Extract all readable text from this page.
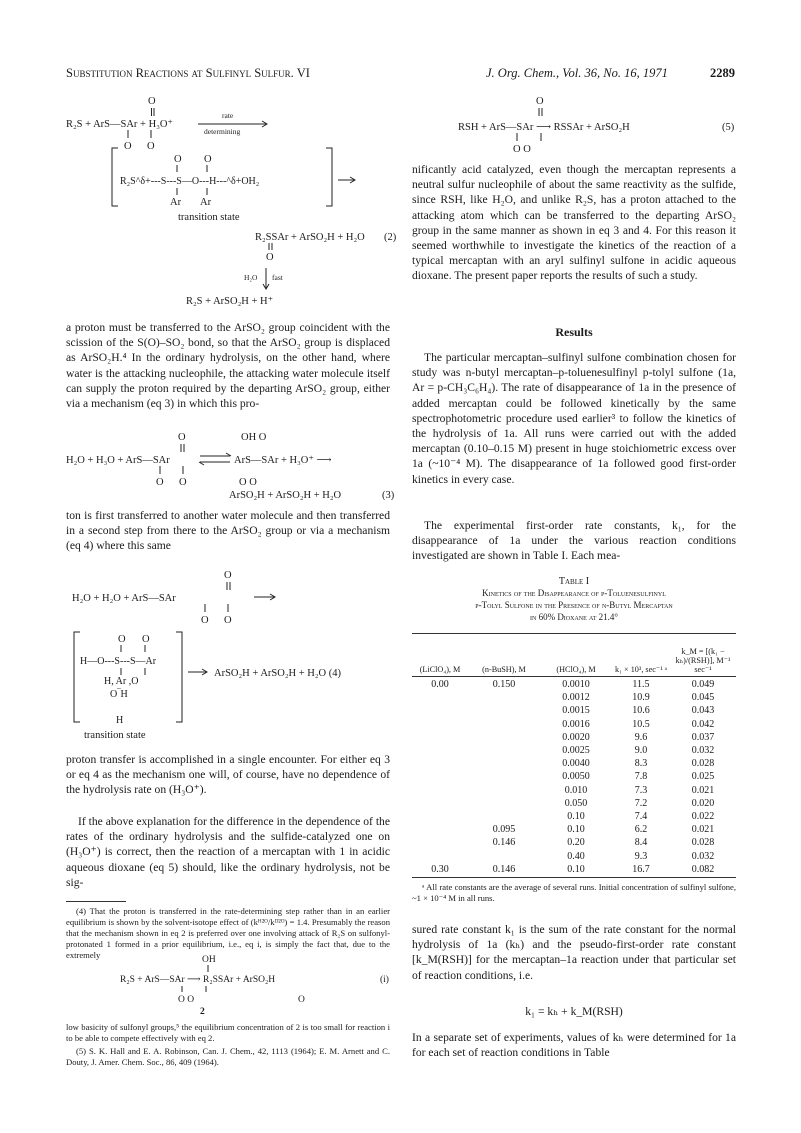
Substitution Reactions at Sulfinyl Sulfur. VI	J. Org. Chem., Vol. 36, No. 16, 1971	2289
O
R₂S + ArS—SAr + H₃O⁺
O O
rate
determining
O O
R₂S^δ+---S---S—O---H---^δ+OH₂
Ar Ar
transition state
R₂SSAr + ArSO₂H + H₂O (2)
O
H₂O fast
R₂S + ArSO₂H + H⁺

a proton must be transferred to the ArSO₂ group coincident with the scission of the S(O)–SO₂ bond, so that the ArSO₂ group is displaced as ArSO₂H.⁴ In the ordinary hydrolysis, on the other hand, where water is the attacking nucleophile, the attacking water molecule itself can supply the proton required by the departing ArSO₂ group, either via a mechanism (eq 3) in which this pro-

O
H₂O + H₃O + ArS—SAr
O O
OH O
ArS—SAr + H₃O⁺ ⟶
O O
ArSO₂H + ArSO₂H + H₂O	(3)

ton is first transferred to another water molecule and then transferred in a second step from there to the ArSO₂ group or via a mechanism (eq 4) where this same

O
H₂O + H₂O + ArS—SAr
O O
O O
H—O---S---S—Ar
H, Ar ,O
O‾H
H
transition state
ArSO₂H + ArSO₂H + H₂O (4)

proton transfer is accomplished in a single encounter. For either eq 3 or eq 4 as the mechanism one will, of course, have no dependence of the hydrolysis rate on (H₃O⁺).

If the above explanation for the difference in the dependence of the rates of the ordinary hydrolysis and the sulfide-catalyzed one on (H₃O⁺) is correct, then the reaction of a mercaptan with 1 in acidic aqueous dioxane (eq 5) should, like the ordinary hydrolysis, not be sig-

(4) That the proton is transferred in the rate-determining step rather than in an earlier equilibrium is shown by the solvent-isotope effect of (kᴴ²ᴼ/kᴰ²ᴼ) = 1.4. Presumably the reason that the mechanism shown in eq 2 is preferred over one involving attack of R₂S on sulfonyl-protonated 1 formed in a prior equilibrium, i.e., eq i, is simply the fact that, due to the extremely	OH
R₂S + ArS—SAr ⟶ R₂SSAr + ArSO₂H	(i)
O O	O
2

low basicity of sulfonyl groups,⁵ the equilibrium concentration of 2 is too small for reaction i to be able to compete effectively with eq 2.

(5) S. K. Hall and E. A. Robinson, Can. J. Chem., 42, 1113 (1964); E. M. Arnett and C. Douty, J. Amer. Chem. Soc., 86, 409 (1964).

O
RSH + ArS—SAr ⟶ RSSAr + ArSO₂H	(5)
O O

nificantly acid catalyzed, even though the mercaptan represents a neutral sulfur nucleophile of about the same reactivity as the sulfide, since RSH, like H₂O, and unlike R₂S, has a proton attached to the attacking atom which can be transferred to the departing ArSO₂ group in the same manner as shown in eq 3 and 4. For this reason it seemed worthwhile to investigate the kinetics of the reaction of a typical mercaptan with an aryl sulfinyl sulfone in acidic aqueous dioxane. The present paper reports the results of such a study.

Results

The particular mercaptan–sulfinyl sulfone combination chosen for study was n-butyl mercaptan–p-toluenesulfinyl p-tolyl sulfone (1a, Ar = p-CH₃C₆H₄). The rate of disappearance of 1a in the presence of added mercaptan could be followed kinetically by the same spectrophotometric procedure used earlier³ to follow the kinetics of the hydrolysis of 1a. All runs were carried out with the added mercaptan (0.10–0.15 M) present in huge stoichiometric excess over 1a (~10⁻⁴ M). The disappearance of 1a followed good first-order kinetics in every case.

The experimental first-order rate constants, k₁, for the disappearance of 1a under the various reaction conditions investigated are shown in Table I. Each mea-

Table I
Kinetics of the Disappearance of p-Toluenesulfinyl
p-Tolyl Sulfone in the Presence of n-Butyl Mercaptan
in 60% Dioxane at 21.4°
(LiClO₄), M	(n-BuSH), M	(HClO₄), M	k₁ × 10³, sec⁻¹ ᵃ	k_M = [(k₁ − kₕ)/(RSH)], M⁻¹ sec⁻¹

0.00	0.150	0.0010	11.5	0.049
		0.0012	10.9	0.045
		0.0015	10.6	0.043
		0.0016	10.5	0.042
		0.0020	9.6	0.037
		0.0025	9.0	0.032
		0.0040	8.3	0.028
		0.0050	7.8	0.025
		0.010	7.3	0.021
		0.050	7.2	0.020
		0.10	7.4	0.022
	0.095	0.10	6.2	0.021
	0.146	0.20	8.4	0.028
		0.40	9.3	0.032
0.30	0.146	0.10	16.7	0.082

ᵃ All rate constants are the average of several runs. Initial concentration of sulfinyl sulfone, ~1 × 10⁻⁴ M in all runs.

sured rate constant k₁ is the sum of the rate constant for the normal hydrolysis of 1a (kₕ) and the pseudo-first-order rate constant [k_M(RSH)] for the mercaptan–1a reaction under that particular set of reaction conditions, i.e.

k₁ = kₕ + k_M(RSH)

In a separate set of experiments, values of kₕ were determined for 1a for each set of reaction conditions in Table
